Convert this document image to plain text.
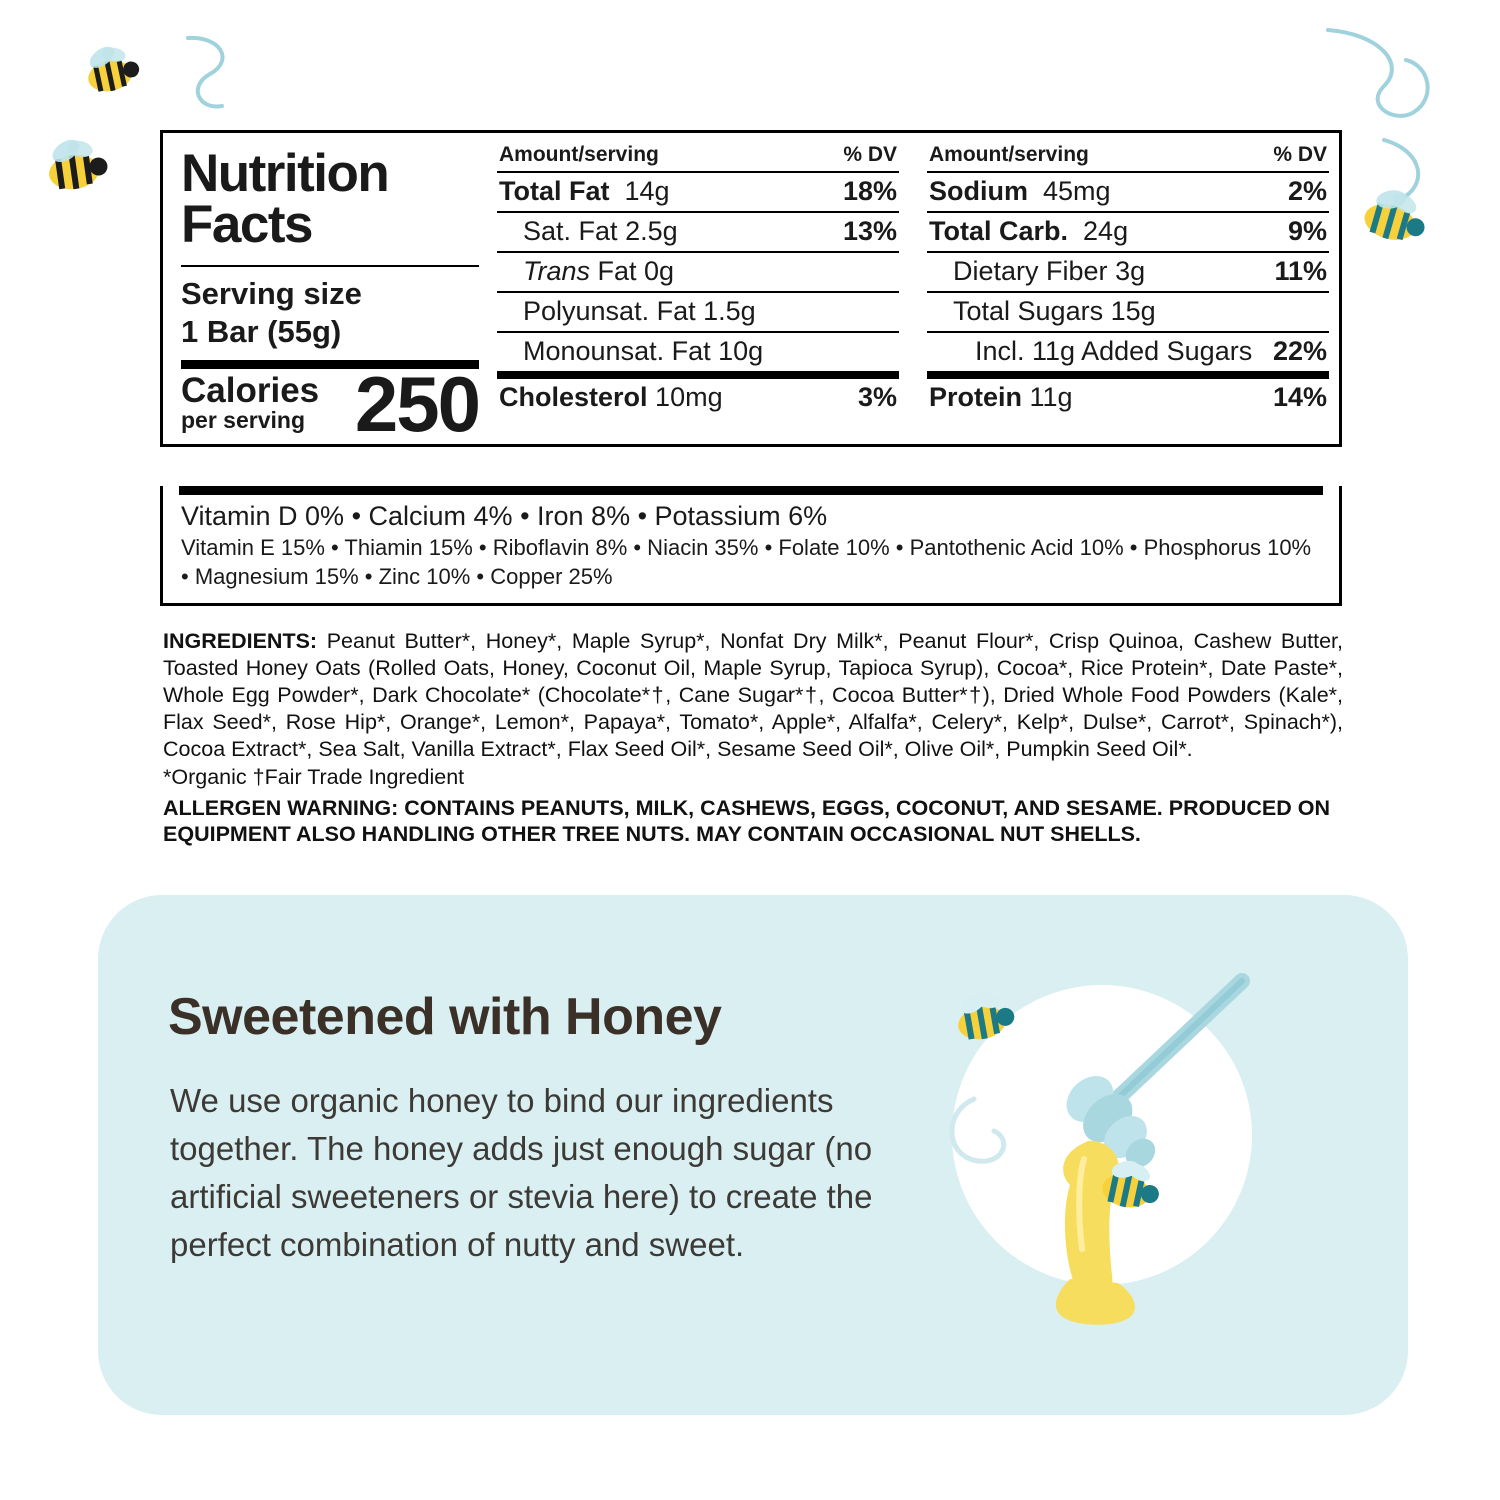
Nutrition Facts
Serving size
1 Bar (55g)
Calories
per serving 250
Amount/serving	% DV
Total Fat 14g	18%
Sat. Fat 2.5g	13%
Trans Fat 0g
Polyunsat. Fat 1.5g
Monounsat. Fat 10g
Cholesterol 10mg	3%
Amount/serving	% DV
Sodium 45mg	2%
Total Carb. 24g	9%
Dietary Fiber 3g	11%
Total Sugars 15g
Incl. 11g Added Sugars 22%
Protein 11g	14%
Vitamin D 0% • Calcium 4% • Iron 8% • Potassium 6%
Vitamin E 15% • Thiamin 15% • Riboflavin 8% • Niacin 35% • Folate 10% • Pantothenic Acid 10% • Phosphorus 10% • Magnesium 15% • Zinc 10% • Copper 25%
INGREDIENTS: Peanut Butter*, Honey*, Maple Syrup*, Nonfat Dry Milk*, Peanut Flour*, Crisp Quinoa, Cashew Butter, Toasted Honey Oats (Rolled Oats, Honey, Coconut Oil, Maple Syrup, Tapioca Syrup), Cocoa*, Rice Protein*, Date Paste*, Whole Egg Powder*, Dark Chocolate* (Chocolate*†, Cane Sugar*†, Cocoa Butter*†), Dried Whole Food Powders (Kale*, Flax Seed*, Rose Hip*, Orange*, Lemon*, Papaya*, Tomato*, Apple*, Alfalfa*, Celery*, Kelp*, Dulse*, Carrot*, Spinach*), Cocoa Extract*, Sea Salt, Vanilla Extract*, Flax Seed Oil*, Sesame Seed Oil*, Olive Oil*, Pumpkin Seed Oil*.
*Organic †Fair Trade Ingredient
ALLERGEN WARNING: CONTAINS PEANUTS, MILK, CASHEWS, EGGS, COCONUT, AND SESAME. PRODUCED ON EQUIPMENT ALSO HANDLING OTHER TREE NUTS. MAY CONTAIN OCCASIONAL NUT SHELLS.
Sweetened with Honey
We use organic honey to bind our ingredients together. The honey adds just enough sugar (no artificial sweeteners or stevia here) to create the perfect combination of nutty and sweet.
